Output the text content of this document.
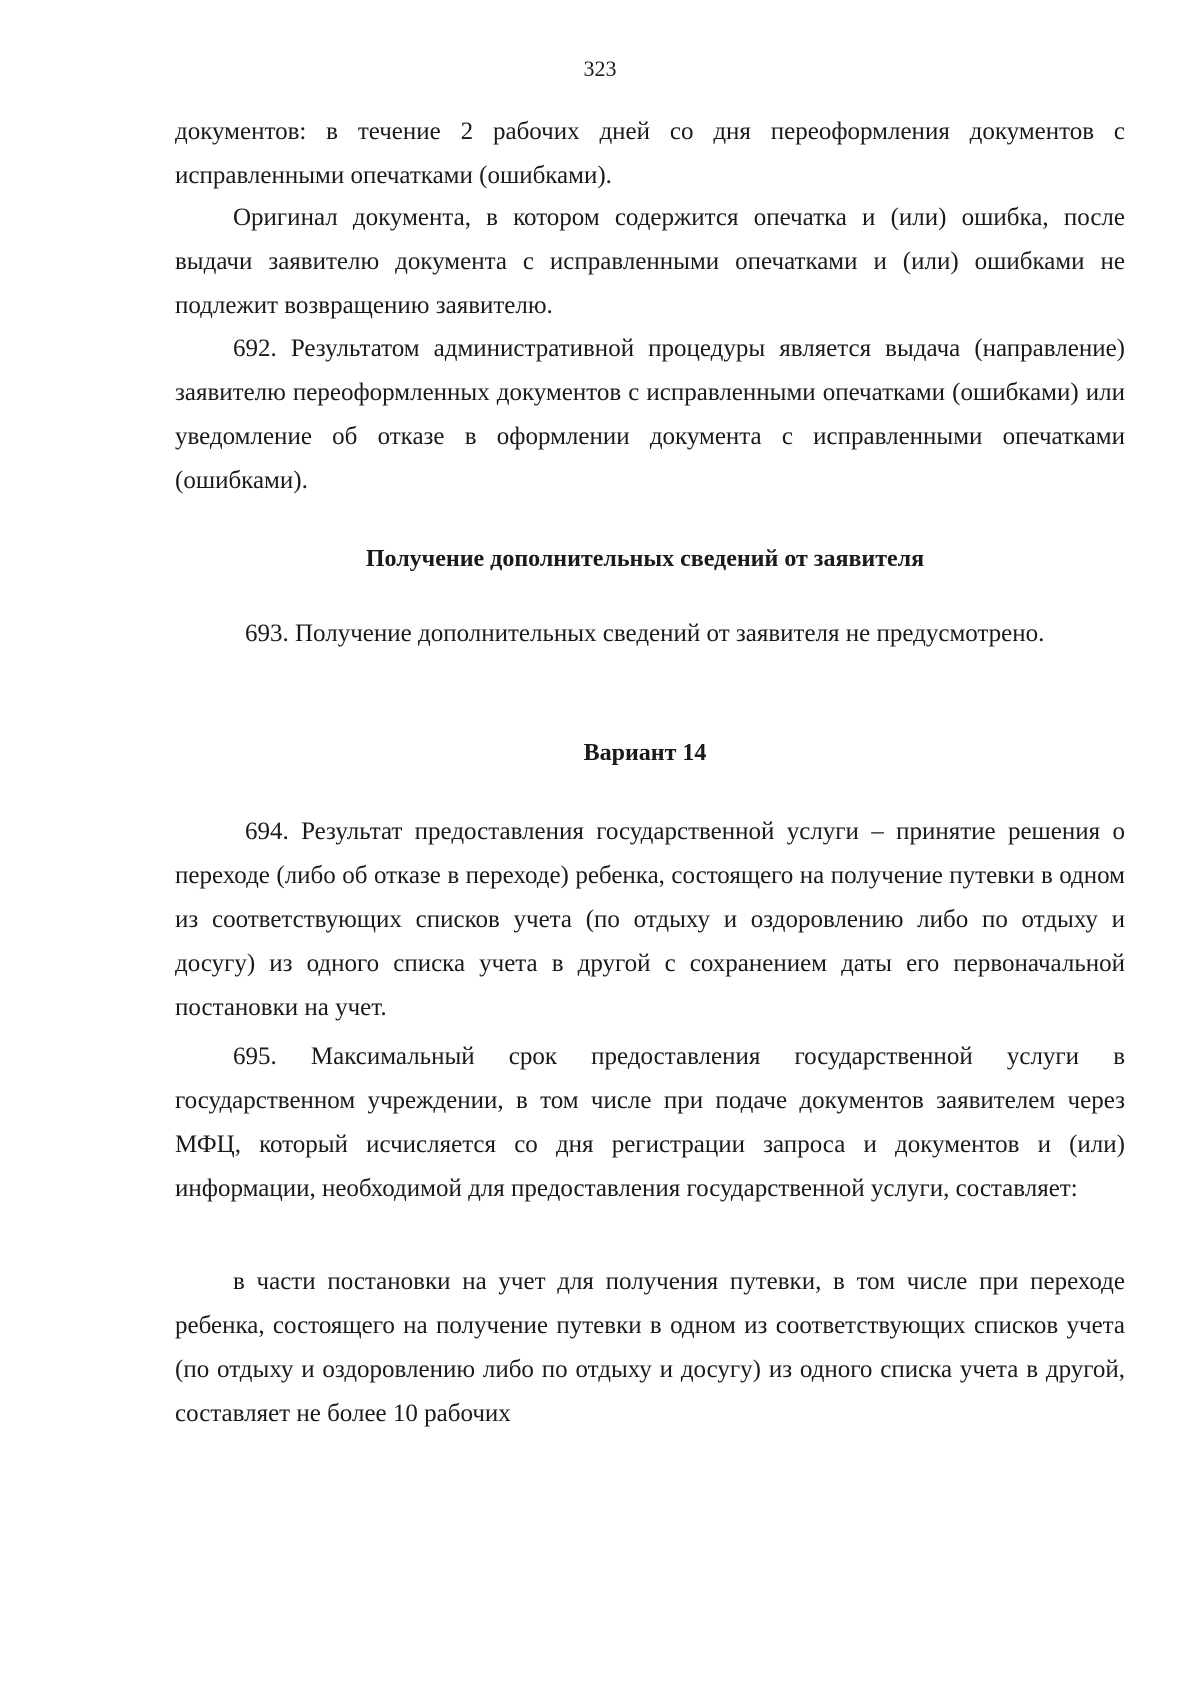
323

документов: в течение 2 рабочих дней со дня переоформления документов с исправленными опечатками (ошибками).

Оригинал документа, в котором содержится опечатка и (или) ошибка, после выдачи заявителю документа с исправленными опечатками и (или) ошибками не подлежит возвращению заявителю.

692. Результатом административной процедуры является выдача (направление) заявителю переоформленных документов с исправленными опечатками (ошибками) или уведомление об отказе в оформлении документа с исправленными опечатками (ошибками).

Получение дополнительных сведений от заявителя

693. Получение дополнительных сведений от заявителя не предусмотрено.

Вариант 14

694. Результат предоставления государственной услуги – принятие решения о переходе (либо об отказе в переходе) ребенка, состоящего на получение путевки в одном из соответствующих списков учета (по отдыху и оздоровлению либо по отдыху и досугу) из одного списка учета в другой с сохранением даты его первоначальной постановки на учет.

695. Максимальный срок предоставления государственной услуги в государственном учреждении, в том числе при подаче документов заявителем через МФЦ, который исчисляется со дня регистрации запроса и документов и (или) информации, необходимой для предоставления государственной услуги, составляет:

в части постановки на учет для получения путевки, в том числе при переходе ребенка, состоящего на получение путевки в одном из соответствующих списков учета (по отдыху и оздоровлению либо по отдыху и досугу) из одного списка учета в другой, составляет не более 10 рабочих
